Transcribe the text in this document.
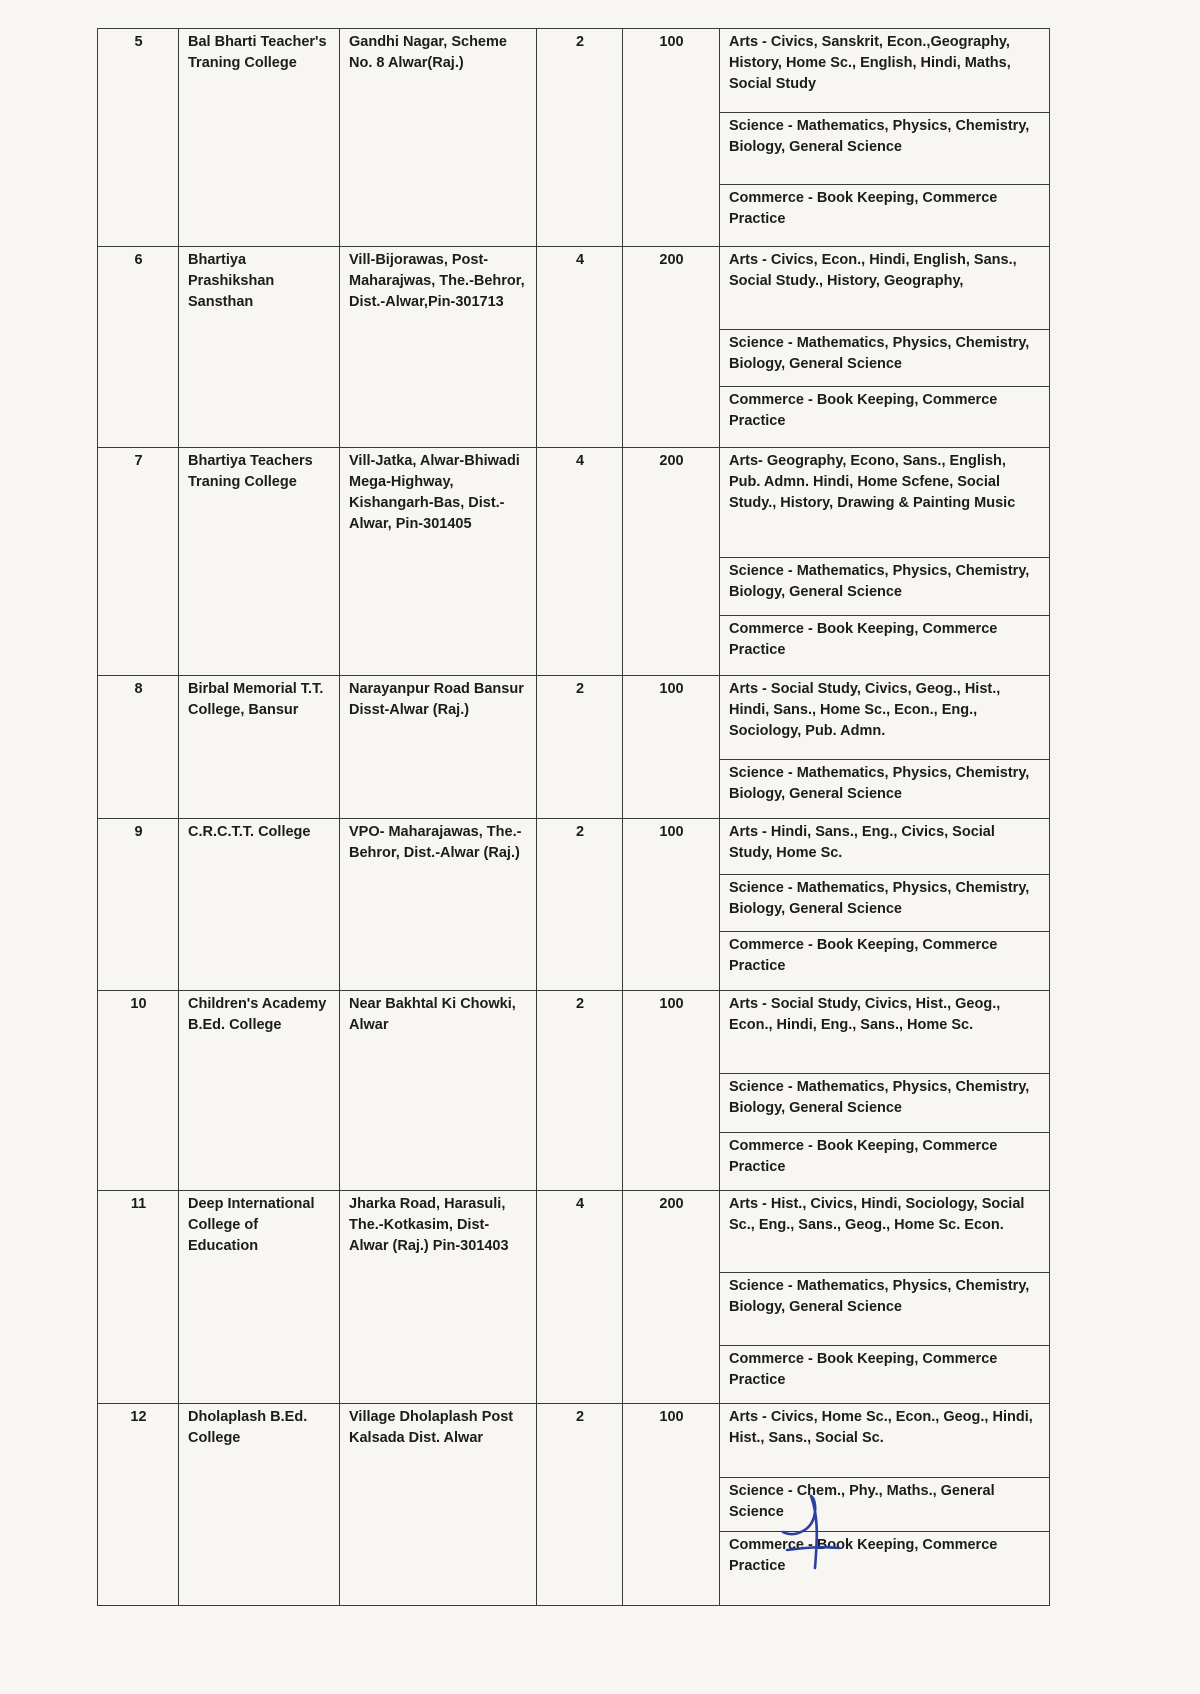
5	Bal Bharti Teacher's Traning College	Gandhi Nagar, Scheme No. 8 Alwar(Raj.)	2	100	Arts - Civics, Sanskrit, Econ.,Geography, History, Home Sc., English, Hindi, Maths, Social Study
					Science - Mathematics, Physics, Chemistry, Biology, General Science
					Commerce - Book Keeping, Commerce Practice
6	Bhartiya Prashikshan Sansthan	Vill-Bijorawas, Post-Maharajwas, The.-Behror, Dist.-Alwar,Pin-301713	4	200	Arts - Civics, Econ., Hindi, English, Sans., Social Study., History, Geography,
					Science - Mathematics, Physics, Chemistry, Biology, General Science
					Commerce - Book Keeping, Commerce Practice
7	Bhartiya Teachers Traning College	Vill-Jatka, Alwar-Bhiwadi Mega-Highway, Kishangarh-Bas, Dist.-Alwar, Pin-301405	4	200	Arts- Geography, Econo, Sans., English, Pub. Admn. Hindi, Home Scfene, Social Study., History, Drawing & Painting Music
					Science - Mathematics, Physics, Chemistry, Biology, General Science
					Commerce - Book Keeping, Commerce Practice
8	Birbal Memorial T.T. College, Bansur	Narayanpur Road Bansur Disst-Alwar (Raj.)	2	100	Arts - Social Study, Civics, Geog., Hist., Hindi, Sans., Home Sc., Econ., Eng., Sociology, Pub. Admn.
					Science - Mathematics, Physics, Chemistry, Biology, General Science
9	C.R.C.T.T. College	VPO- Maharajawas, The.-Behror, Dist.-Alwar (Raj.)	2	100	Arts - Hindi, Sans., Eng., Civics, Social Study, Home Sc.
					Science - Mathematics, Physics, Chemistry, Biology, General Science
					Commerce - Book Keeping, Commerce Practice
10	Children's Academy B.Ed. College	Near Bakhtal Ki Chowki, Alwar	2	100	Arts - Social Study, Civics, Hist., Geog., Econ., Hindi, Eng., Sans., Home Sc.
					Science - Mathematics, Physics, Chemistry, Biology, General Science
					Commerce - Book Keeping, Commerce Practice
11	Deep International College of Education	Jharka Road, Harasuli, The.-Kotkasim, Dist-Alwar (Raj.) Pin-301403	4	200	Arts - Hist., Civics, Hindi, Sociology, Social Sc., Eng., Sans., Geog., Home Sc. Econ.
					Science - Mathematics, Physics, Chemistry, Biology, General Science
					Commerce - Book Keeping, Commerce Practice
12	Dholaplash B.Ed. College	Village Dholaplash Post Kalsada Dist. Alwar	2	100	Arts - Civics, Home Sc., Econ., Geog., Hindi, Hist., Sans., Social Sc.
					Science - Chem., Phy., Maths., General Science
					Commerce - Book Keeping, Commerce Practice
